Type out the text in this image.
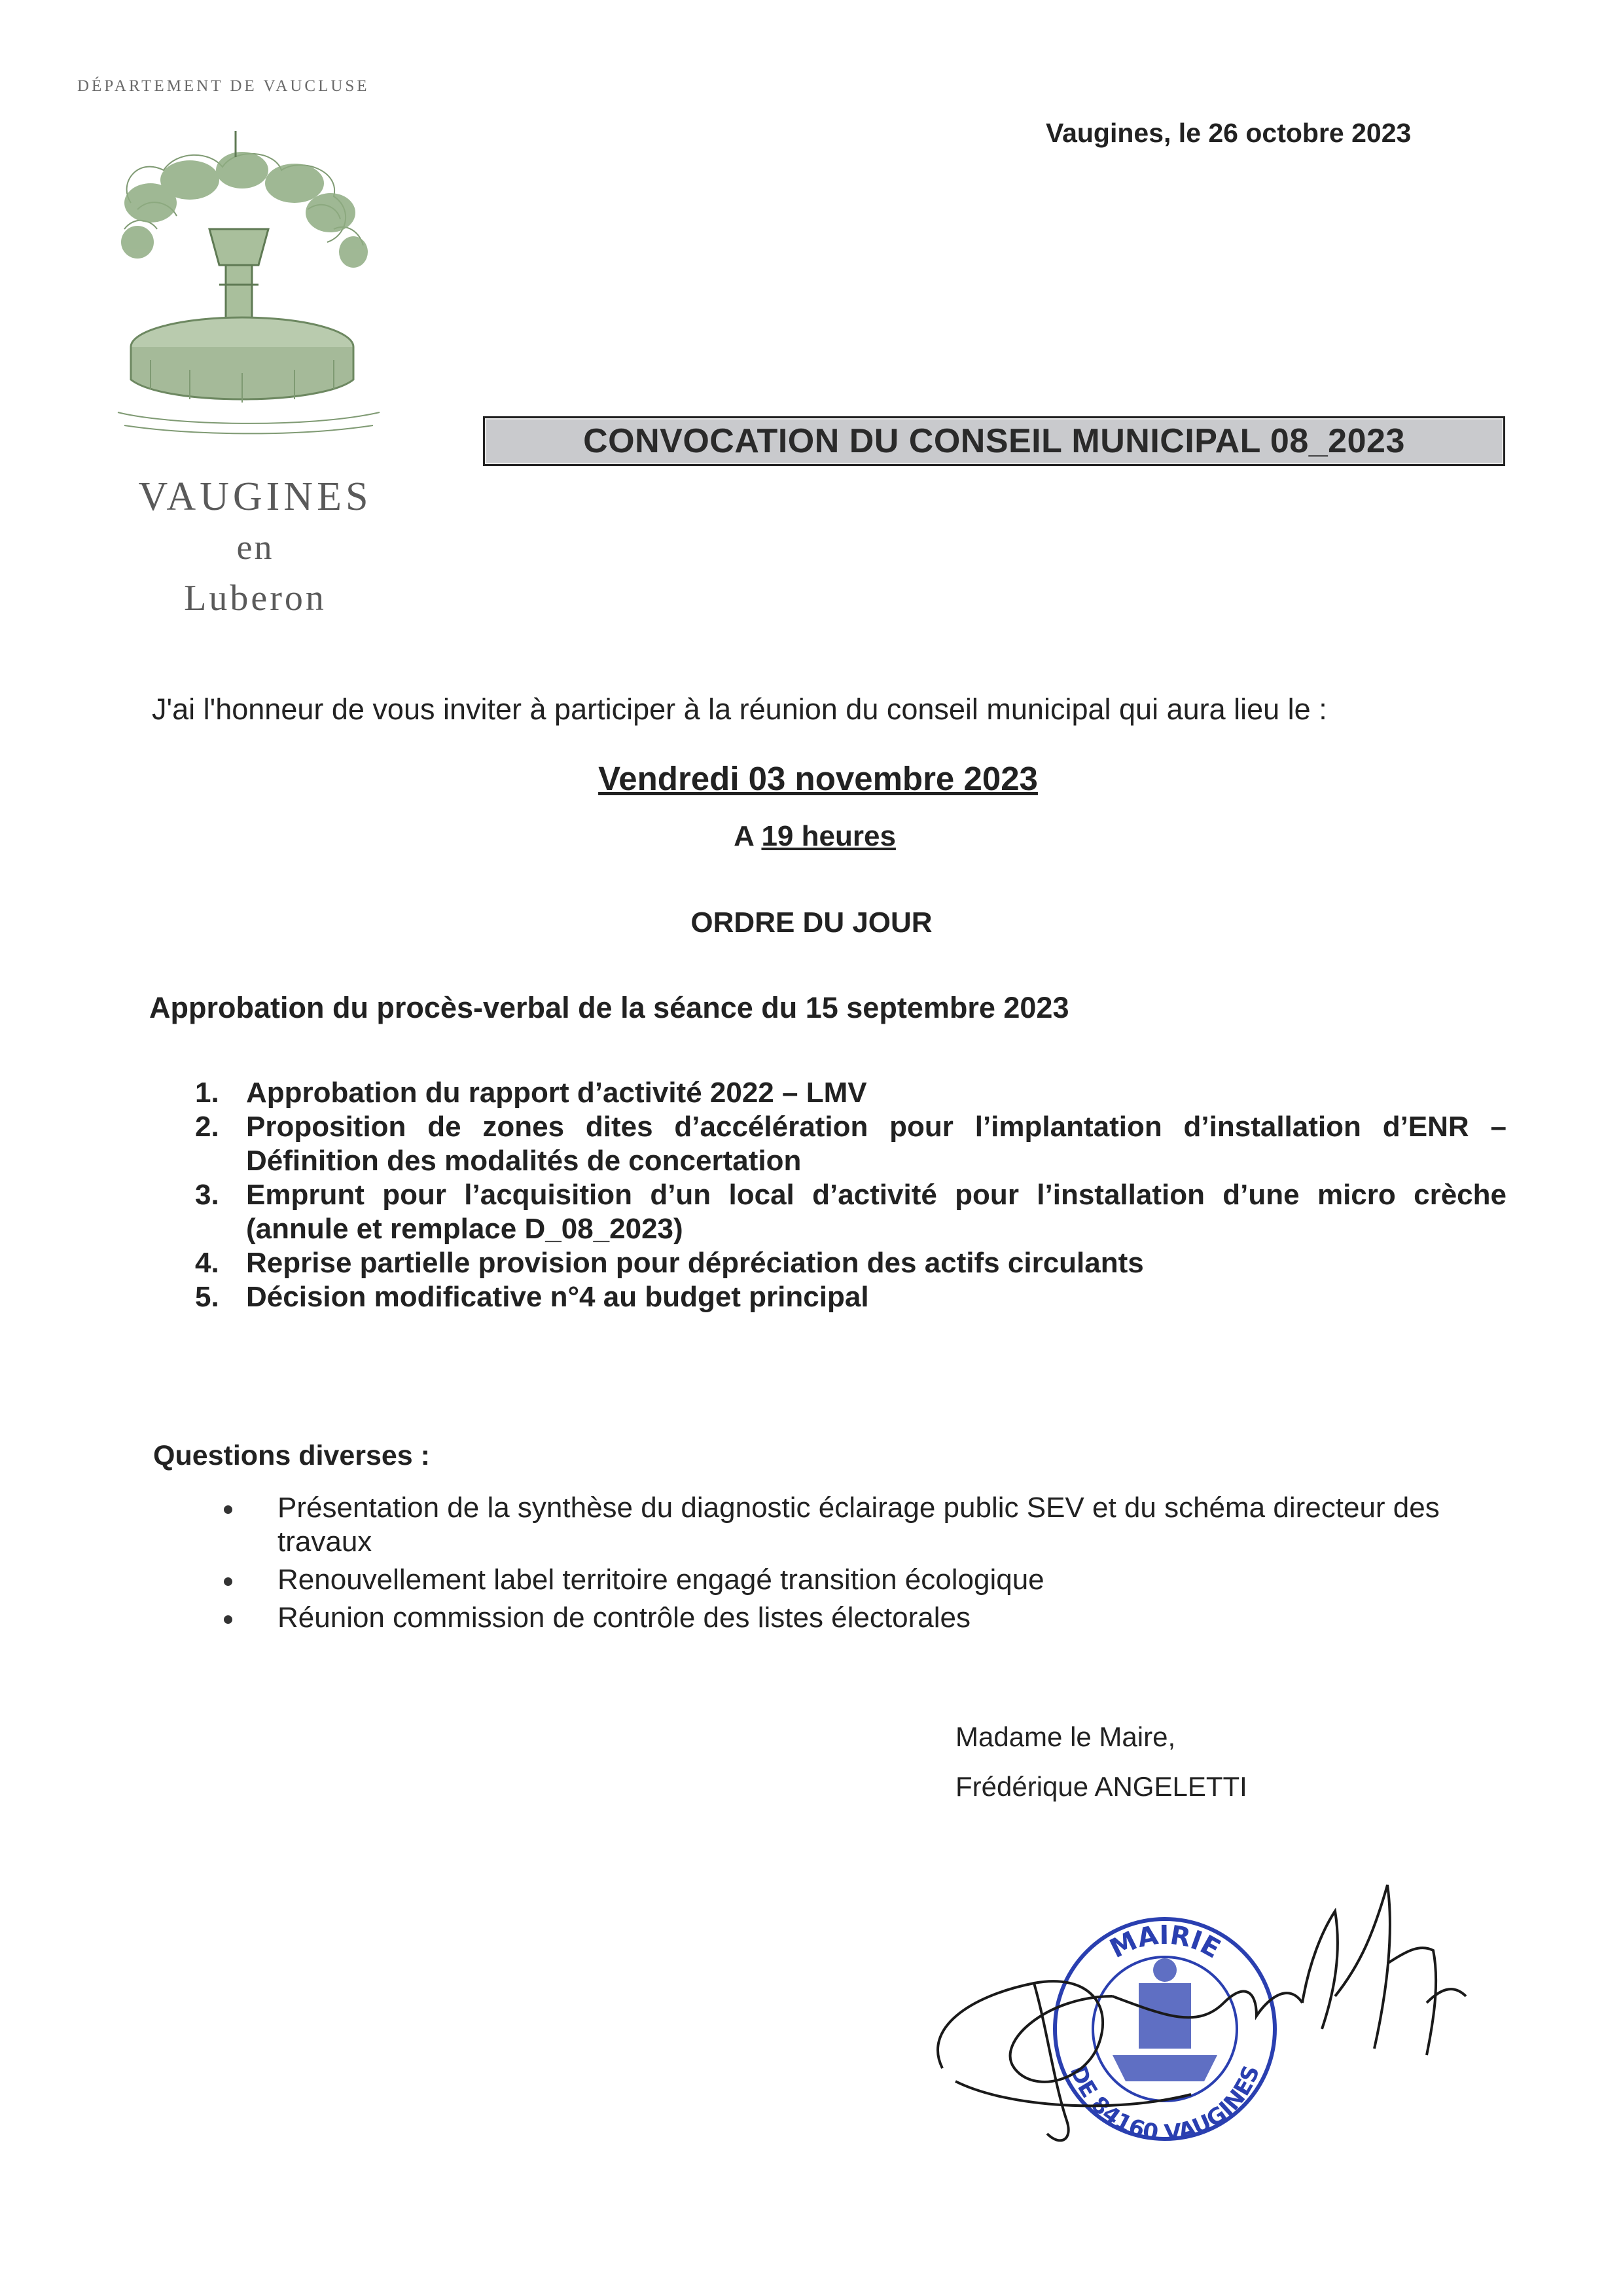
DÉPARTEMENT DE VAUCLUSE
Vaugines, le 26 octobre 2023
VAUGINES
en
Luberon
CONVOCATION DU CONSEIL MUNICIPAL 08_2023
J'ai l'honneur de vous inviter à participer à la réunion du conseil municipal qui aura lieu le :
Vendredi 03 novembre 2023
A 19 heures
ORDRE DU JOUR
Approbation du procès-verbal de la séance du 15 septembre 2023
1. Approbation du rapport d’activité 2022 – LMV
2. Proposition de zones dites d’accélération pour l’implantation d’installation d’ENR –
Définition des modalités de concertation
3. Emprunt pour l’acquisition d’un local d’activité pour l’installation d’une micro crèche
(annule et remplace D_08_2023)
4. Reprise partielle provision pour dépréciation des actifs circulants
5. Décision modificative n°4 au budget principal
Questions diverses :
Présentation de la synthèse du diagnostic éclairage public SEV et du schéma directeur des travaux
Renouvellement label territoire engagé transition écologique
Réunion commission de contrôle des listes électorales
Madame le Maire,
Frédérique ANGELETTI
MAIRIE
DE 84160 VAUGINES
